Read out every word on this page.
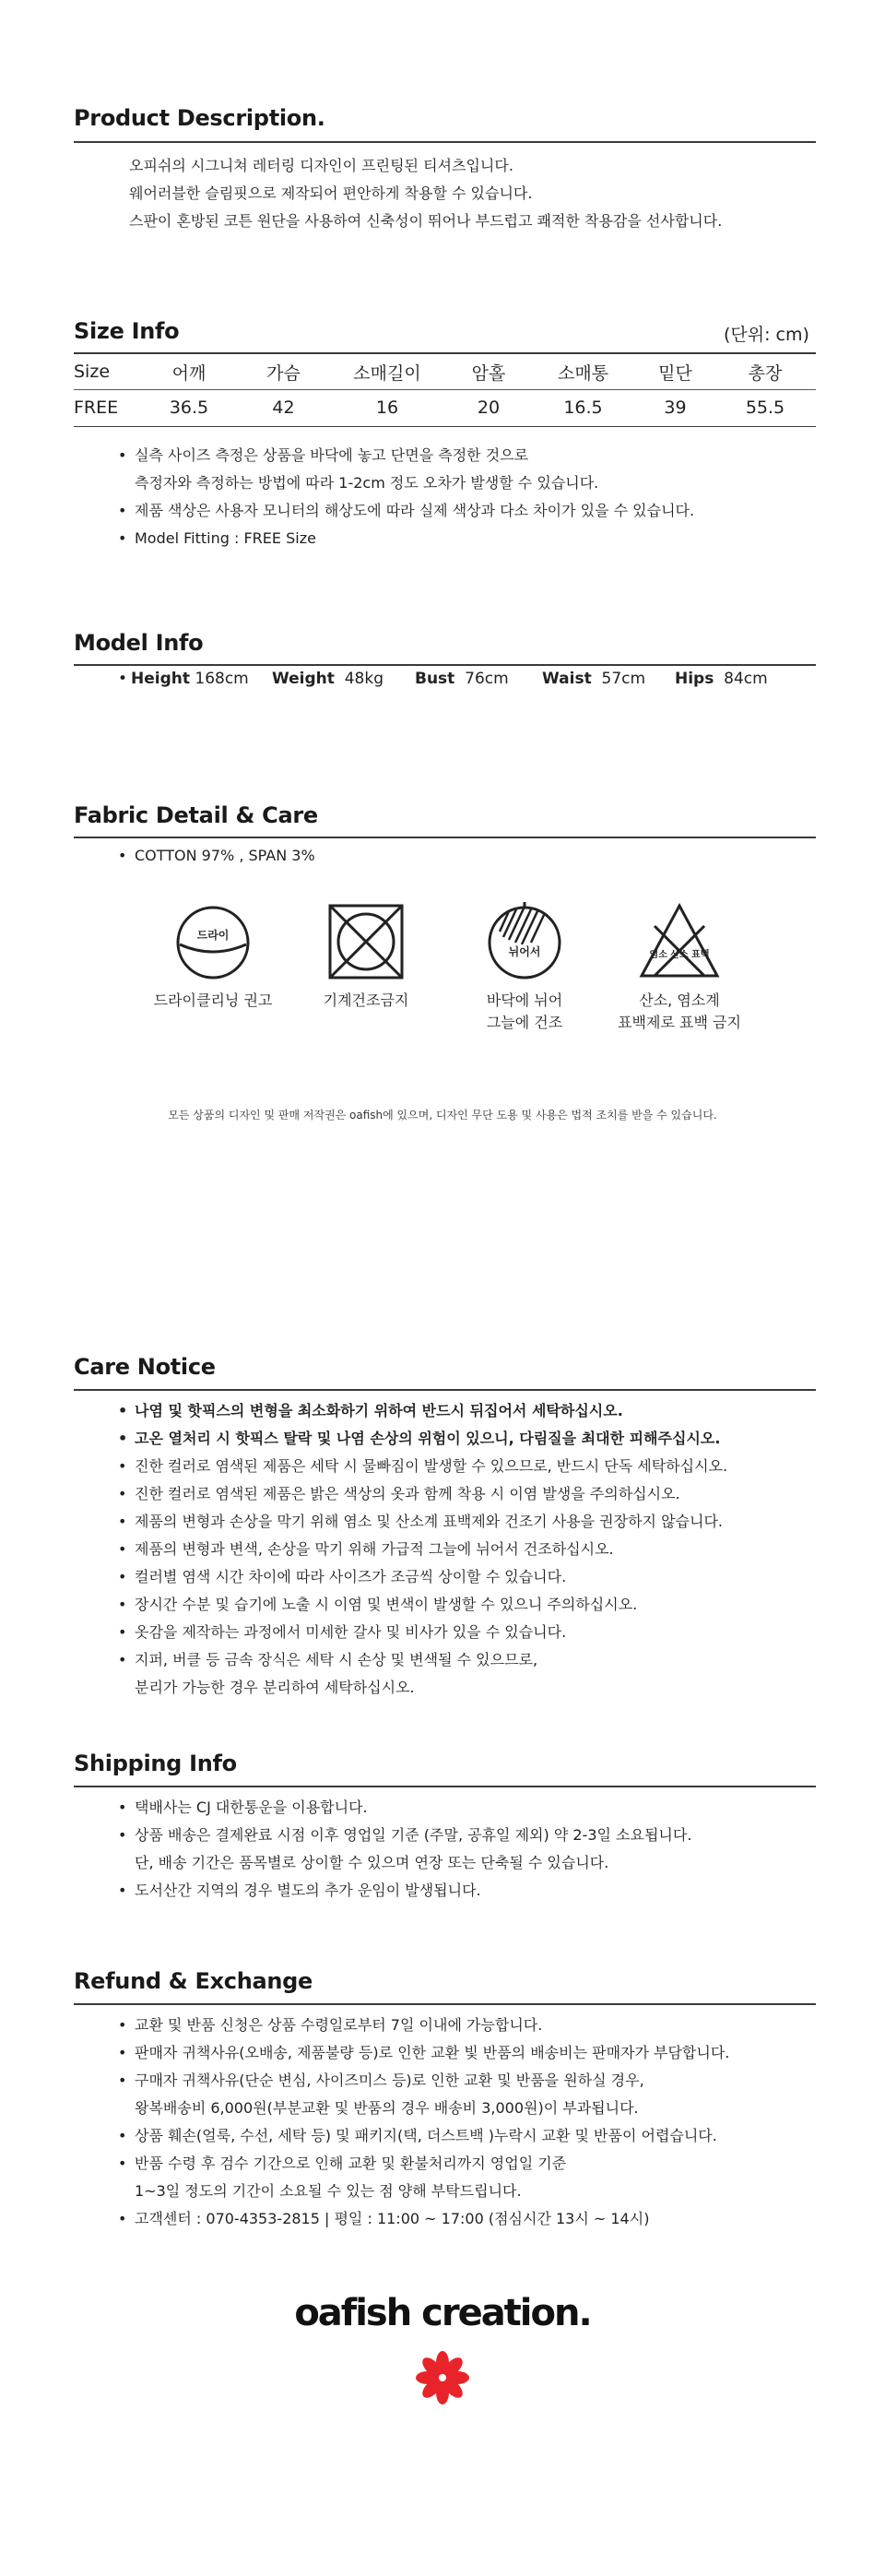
Product Description.

오피쉬의 시그니쳐 레터링 디자인이 프린팅된 티셔츠입니다.

웨어러블한 슬림핏으로 제작되어 편안하게 착용할 수 있습니다.

스판이 혼방된 코튼 원단을 사용하여 신축성이 뛰어나 부드럽고 쾌적한 착용감을 선사합니다.

Size Info	(단위: cm)
Size	어깨	가슴	소매길이	암홀	소매통	밑단	총장

FREE	36.5	42	16	20	16.5	39	55.5
• 실측 사이즈 측정은 상품을 바닥에 놓고 단면을 측정한 것으로
측정자와 측정하는 방법에 따라 1-2cm 정도 오차가 발생할 수 있습니다.
• 제품 색상은 사용자 모니터의 해상도에 따라 실제 색상과 다소 차이가 있을 수 있습니다.
• Model Fitting : FREE Size
Model Info
• Height 168cm Weight 48kg Bust 76cm Waist 57cm Hips 84cm
Fabric Detail & Care
• COTTON 97% , SPAN 3%
드라이
뉘어서	염소 산소 표백
드라이클리닝 권고	기계건조금지	바닥에 뉘어
그늘에 건조
산소, 염소계
표백제로 표백 금지
모든 상품의 디자인 및 판매 저작권은 oafish에 있으며, 디자인 무단 도용 및 사용은 법적 조치를 받을 수 있습니다.
Care Notice
• 나염 및 핫픽스의 변형을 최소화하기 위하여 반드시 뒤집어서 세탁하십시오.
• 고온 열처리 시 핫픽스 탈락 및 나염 손상의 위험이 있으니, 다림질을 최대한 피해주십시오.
• 진한 컬러로 염색된 제품은 세탁 시 물빠짐이 발생할 수 있으므로, 반드시 단독 세탁하십시오.
• 진한 컬러로 염색된 제품은 밝은 색상의 옷과 함께 착용 시 이염 발생을 주의하십시오.
• 제품의 변형과 손상을 막기 위해 염소 및 산소계 표백제와 건조기 사용을 권장하지 않습니다.
• 제품의 변형과 변색, 손상을 막기 위해 가급적 그늘에 뉘어서 건조하십시오.
• 컬러별 염색 시간 차이에 따라 사이즈가 조금씩 상이할 수 있습니다.
• 장시간 수분 및 습기에 노출 시 이염 및 변색이 발생할 수 있으니 주의하십시오.
• 옷감을 제작하는 과정에서 미세한 갈사 및 비사가 있을 수 있습니다.
• 지퍼, 버클 등 금속 장식은 세탁 시 손상 및 변색될 수 있으므로,
분리가 가능한 경우 분리하여 세탁하십시오.
Shipping Info
• 택배사는 CJ 대한통운을 이용합니다.
• 상품 배송은 결제완료 시점 이후 영업일 기준 (주말, 공휴일 제외) 약 2-3일 소요됩니다.
단, 배송 기간은 품목별로 상이할 수 있으며 연장 또는 단축될 수 있습니다.
• 도서산간 지역의 경우 별도의 추가 운임이 발생됩니다.
Refund & Exchange
• 교환 및 반품 신청은 상품 수령일로부터 7일 이내에 가능합니다.
• 판매자 귀책사유(오배송, 제품불량 등)로 인한 교환 빛 반품의 배송비는 판매자가 부담합니다.
• 구매자 귀책사유(단순 변심, 사이즈미스 등)로 인한 교환 및 반품을 원하실 경우,
왕복배송비 6,000원(부분교환 및 반품의 경우 배송비 3,000원)이 부과됩니다.
• 상품 훼손(얼룩, 수선, 세탁 등) 및 패키지(택, 더스트백 )누락시 교환 및 반품이 어렵습니다.
• 반품 수령 후 검수 기간으로 인해 교환 및 환불처리까지 영업일 기준
1~3일 정도의 기간이 소요될 수 있는 점 양해 부탁드립니다.
• 고객센터 : 070-4353-2815 | 평일 : 11:00 ~ 17:00 (점심시간 13시 ~ 14시)
oafish creation.
